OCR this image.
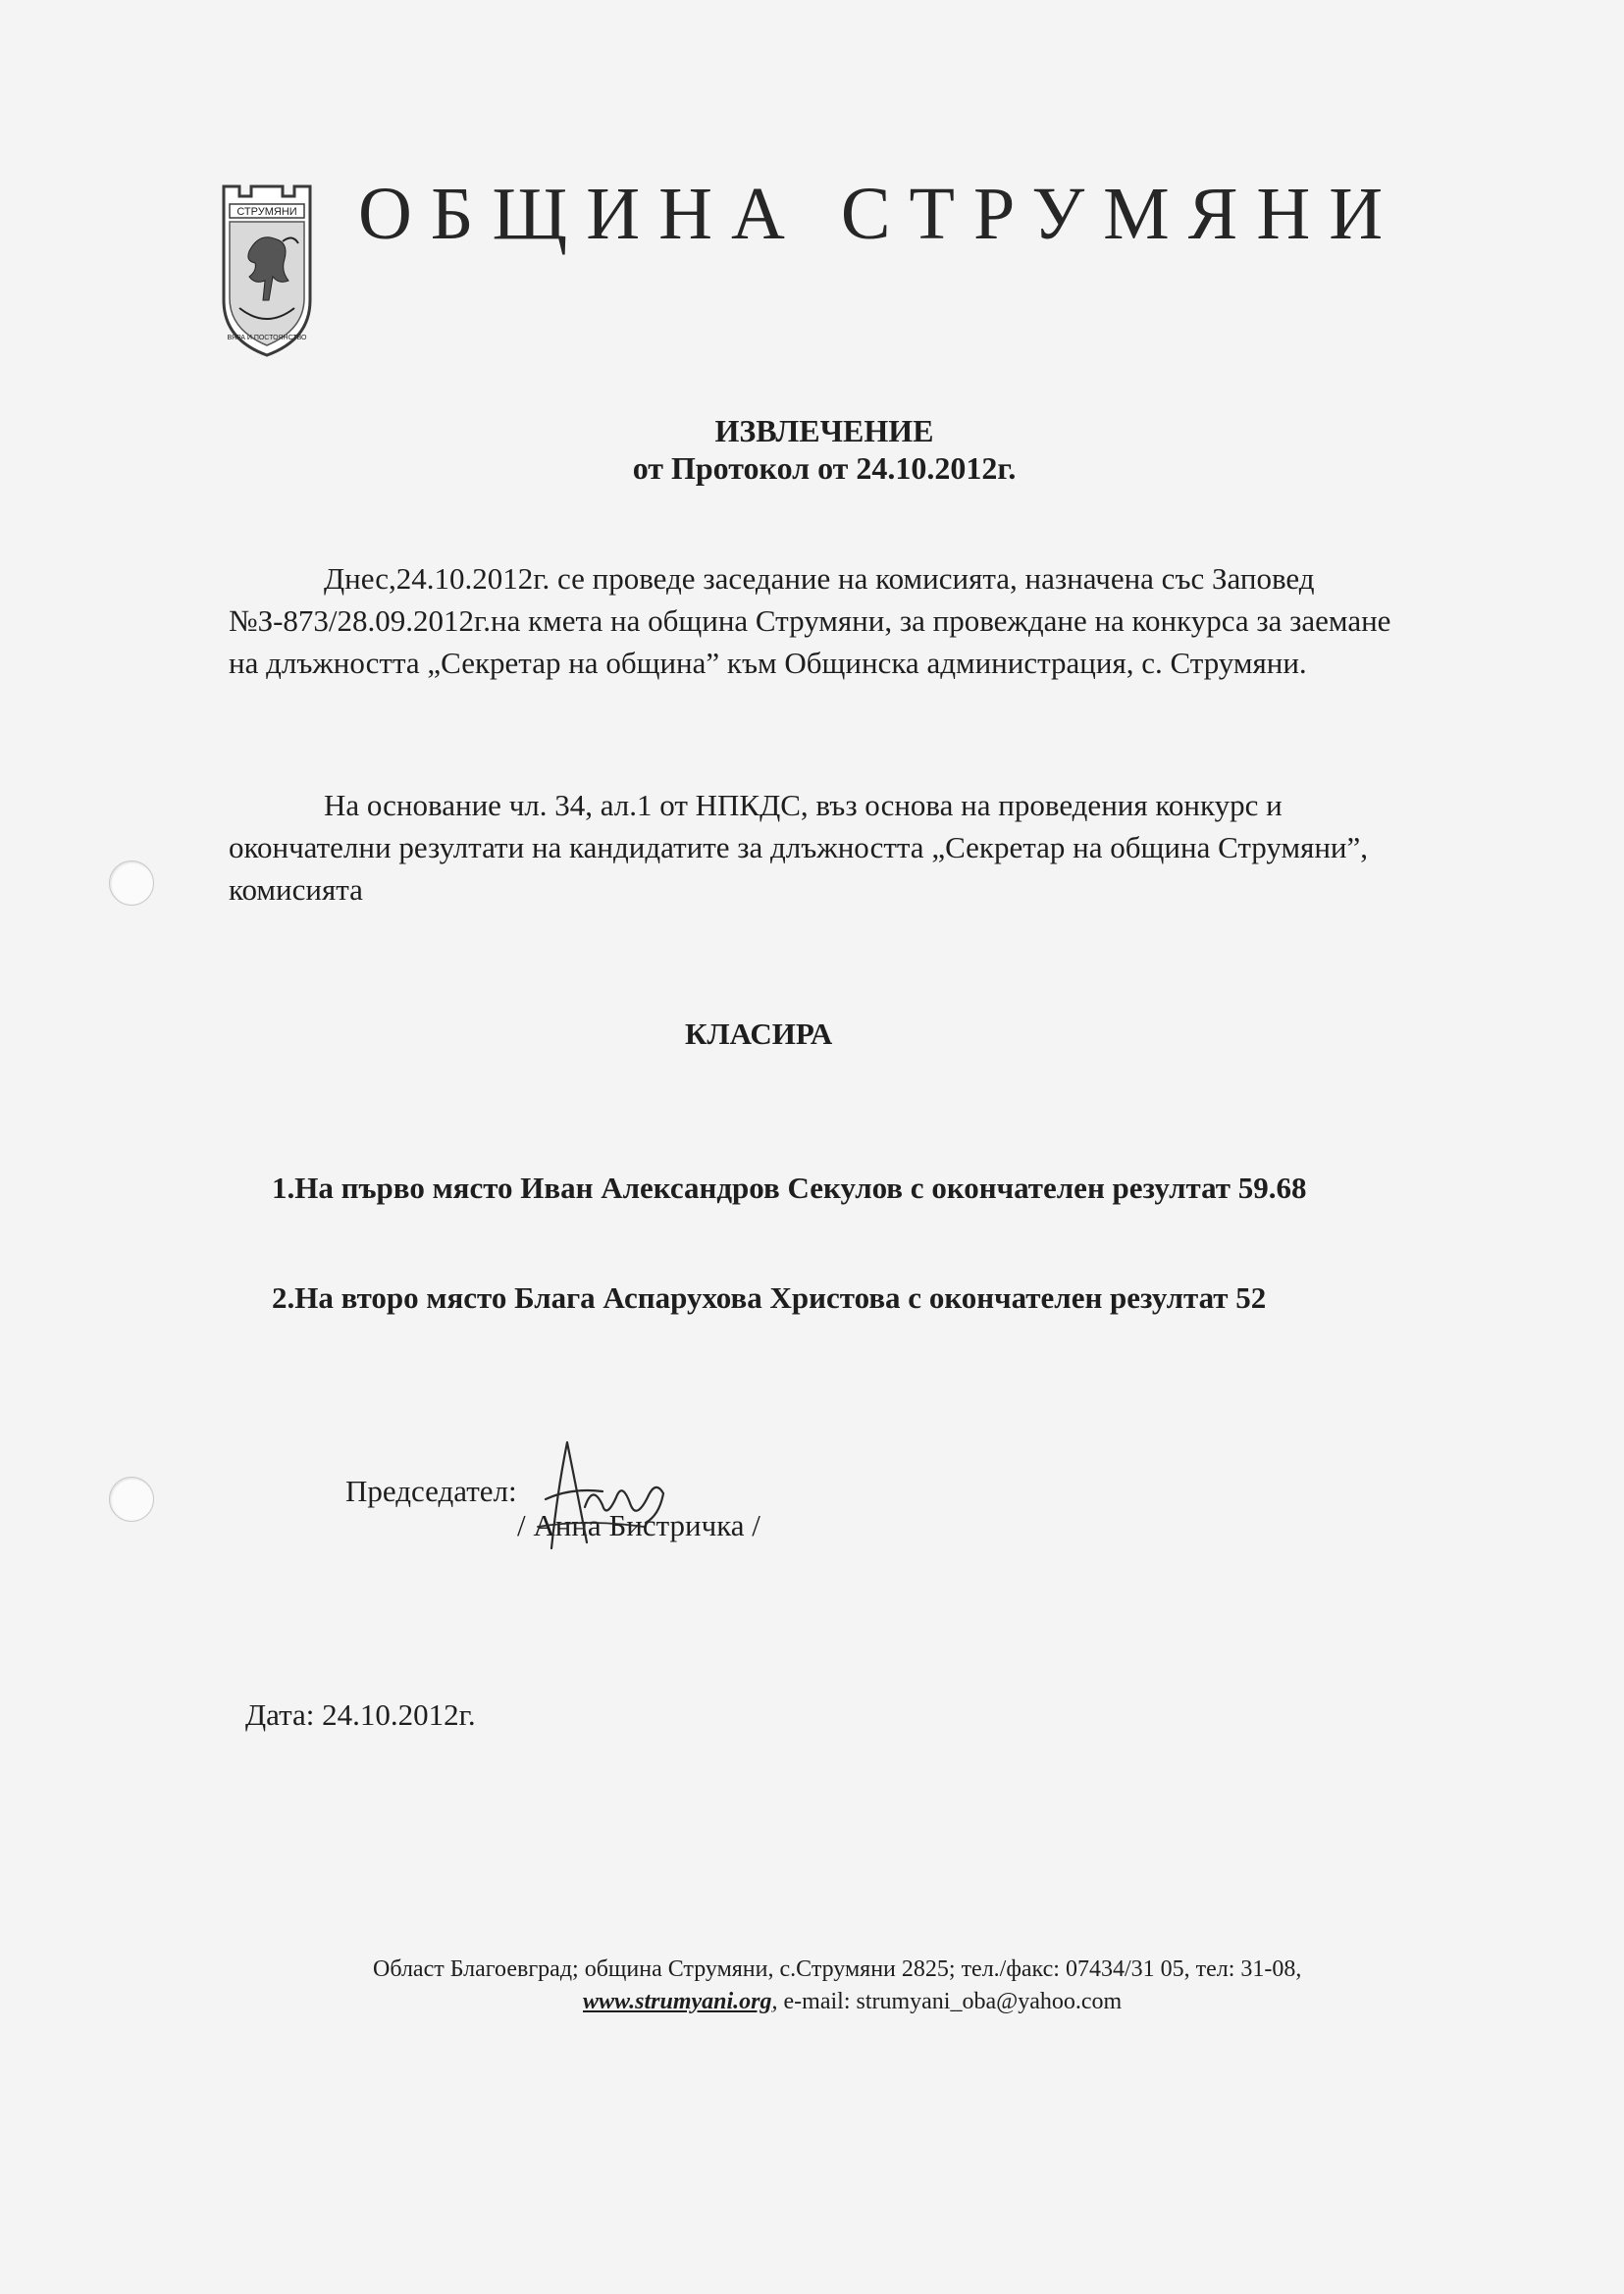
СТРУМЯНИ
ВЯРА И ПОСТОЯНСТВО
ОБЩИНА СТРУМЯНИ
ИЗВЛЕЧЕНИЕ
от Протокол от 24.10.2012г.

Днес,24.10.2012г. се проведе заседание на комисията, назначена със Заповед №З-873/28.09.2012г.на кмета на община Струмяни, за провеждане на конкурса за заемане на длъжността „Секретар на община” към Общинска администрация, с. Струмяни.

На основание чл. 34, ал.1 от НПКДС, въз основа на проведения конкурс и окончателни резултати на кандидатите за длъжността „Секретар на община Струмяни”, комисията

КЛАСИРА
1.На първо място Иван Александров Секулов с окончателен резултат 59.68
2.На второ място Блага Аспарухова Христова с окончателен резултат 52
Председател:
/ Анна Бистричка /
Дата: 24.10.2012г.
Област Благоевград; община Струмяни, с.Струмяни 2825; тел./факс: 07434/31 05, тел: 31-08,
www.strumyani.org, e-mail: strumyani_oba@yahoo.com
